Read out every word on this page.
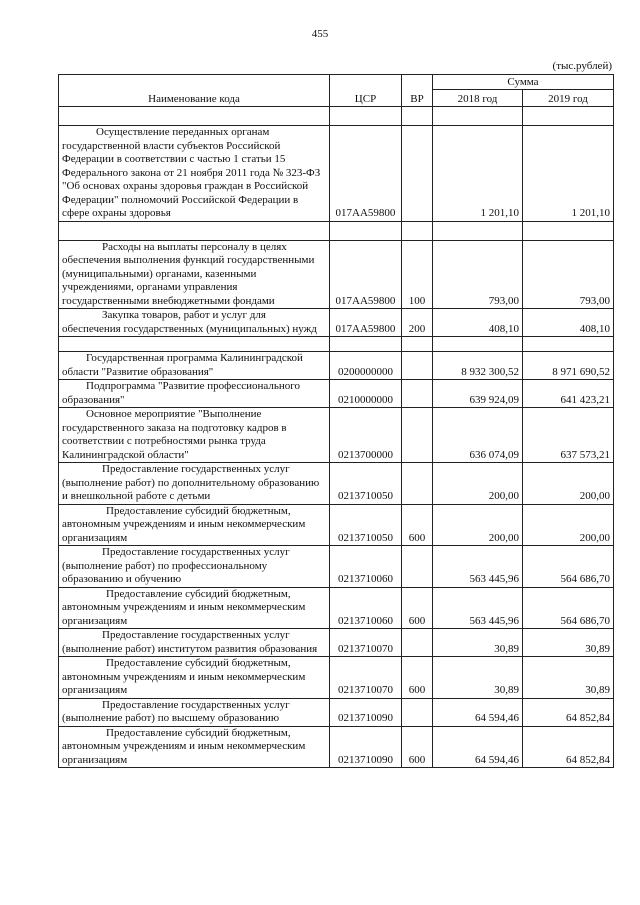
455
(тыс.рублей)
Наименование кода	ЦСР	ВР	Сумма	
			2018 год	2019 год

Осуществление переданных органам государственной власти субъектов Российской Федерации в соответствии с частью 1 статьи 15 Федерального закона от 21 ноября 2011 года № 323-ФЗ "Об основах охраны здоровья граждан в Российской Федерации" полномочий Российской Федерации в сфере охраны здоровья	017АА59800		1 201,10	1 201,10

Расходы на выплаты персоналу в целях обеспечения выполнения функций государственными (муниципальными) органами, казенными учреждениями, органами управления государственными внебюджетными фондами	017АА59800	100	793,00	793,00
Закупка товаров, работ и услуг для обеспечения государственных (муниципальных) нужд	017АА59800	200	408,10	408,10

Государственная программа Калининградской области "Развитие образования"	0200000000		8 932 300,52	8 971 690,52
Подпрограмма "Развитие профессионального образования"	0210000000		639 924,09	641 423,21
Основное мероприятие "Выполнение государственного заказа на подготовку кадров в соответствии с потребностями рынка труда Калининградской области"	0213700000		636 074,09	637 573,21
Предоставление государственных услуг (выполнение работ) по дополнительному образованию и внешкольной работе с детьми	0213710050		200,00	200,00
Предоставление субсидий бюджетным, автономным учреждениям и иным некоммерческим организациям	0213710050	600	200,00	200,00
Предоставление государственных услуг (выполнение работ) по профессиональному образованию и обучению	0213710060		563 445,96	564 686,70
Предоставление субсидий бюджетным, автономным учреждениям и иным некоммерческим организациям	0213710060	600	563 445,96	564 686,70
Предоставление государственных услуг (выполнение работ) институтом развития образования	0213710070		30,89	30,89
Предоставление субсидий бюджетным, автономным учреждениям и иным некоммерческим организациям	0213710070	600	30,89	30,89
Предоставление государственных услуг (выполнение работ) по высшему образованию	0213710090		64 594,46	64 852,84
Предоставление субсидий бюджетным, автономным учреждениям и иным некоммерческим организациям	0213710090	600	64 594,46	64 852,84
